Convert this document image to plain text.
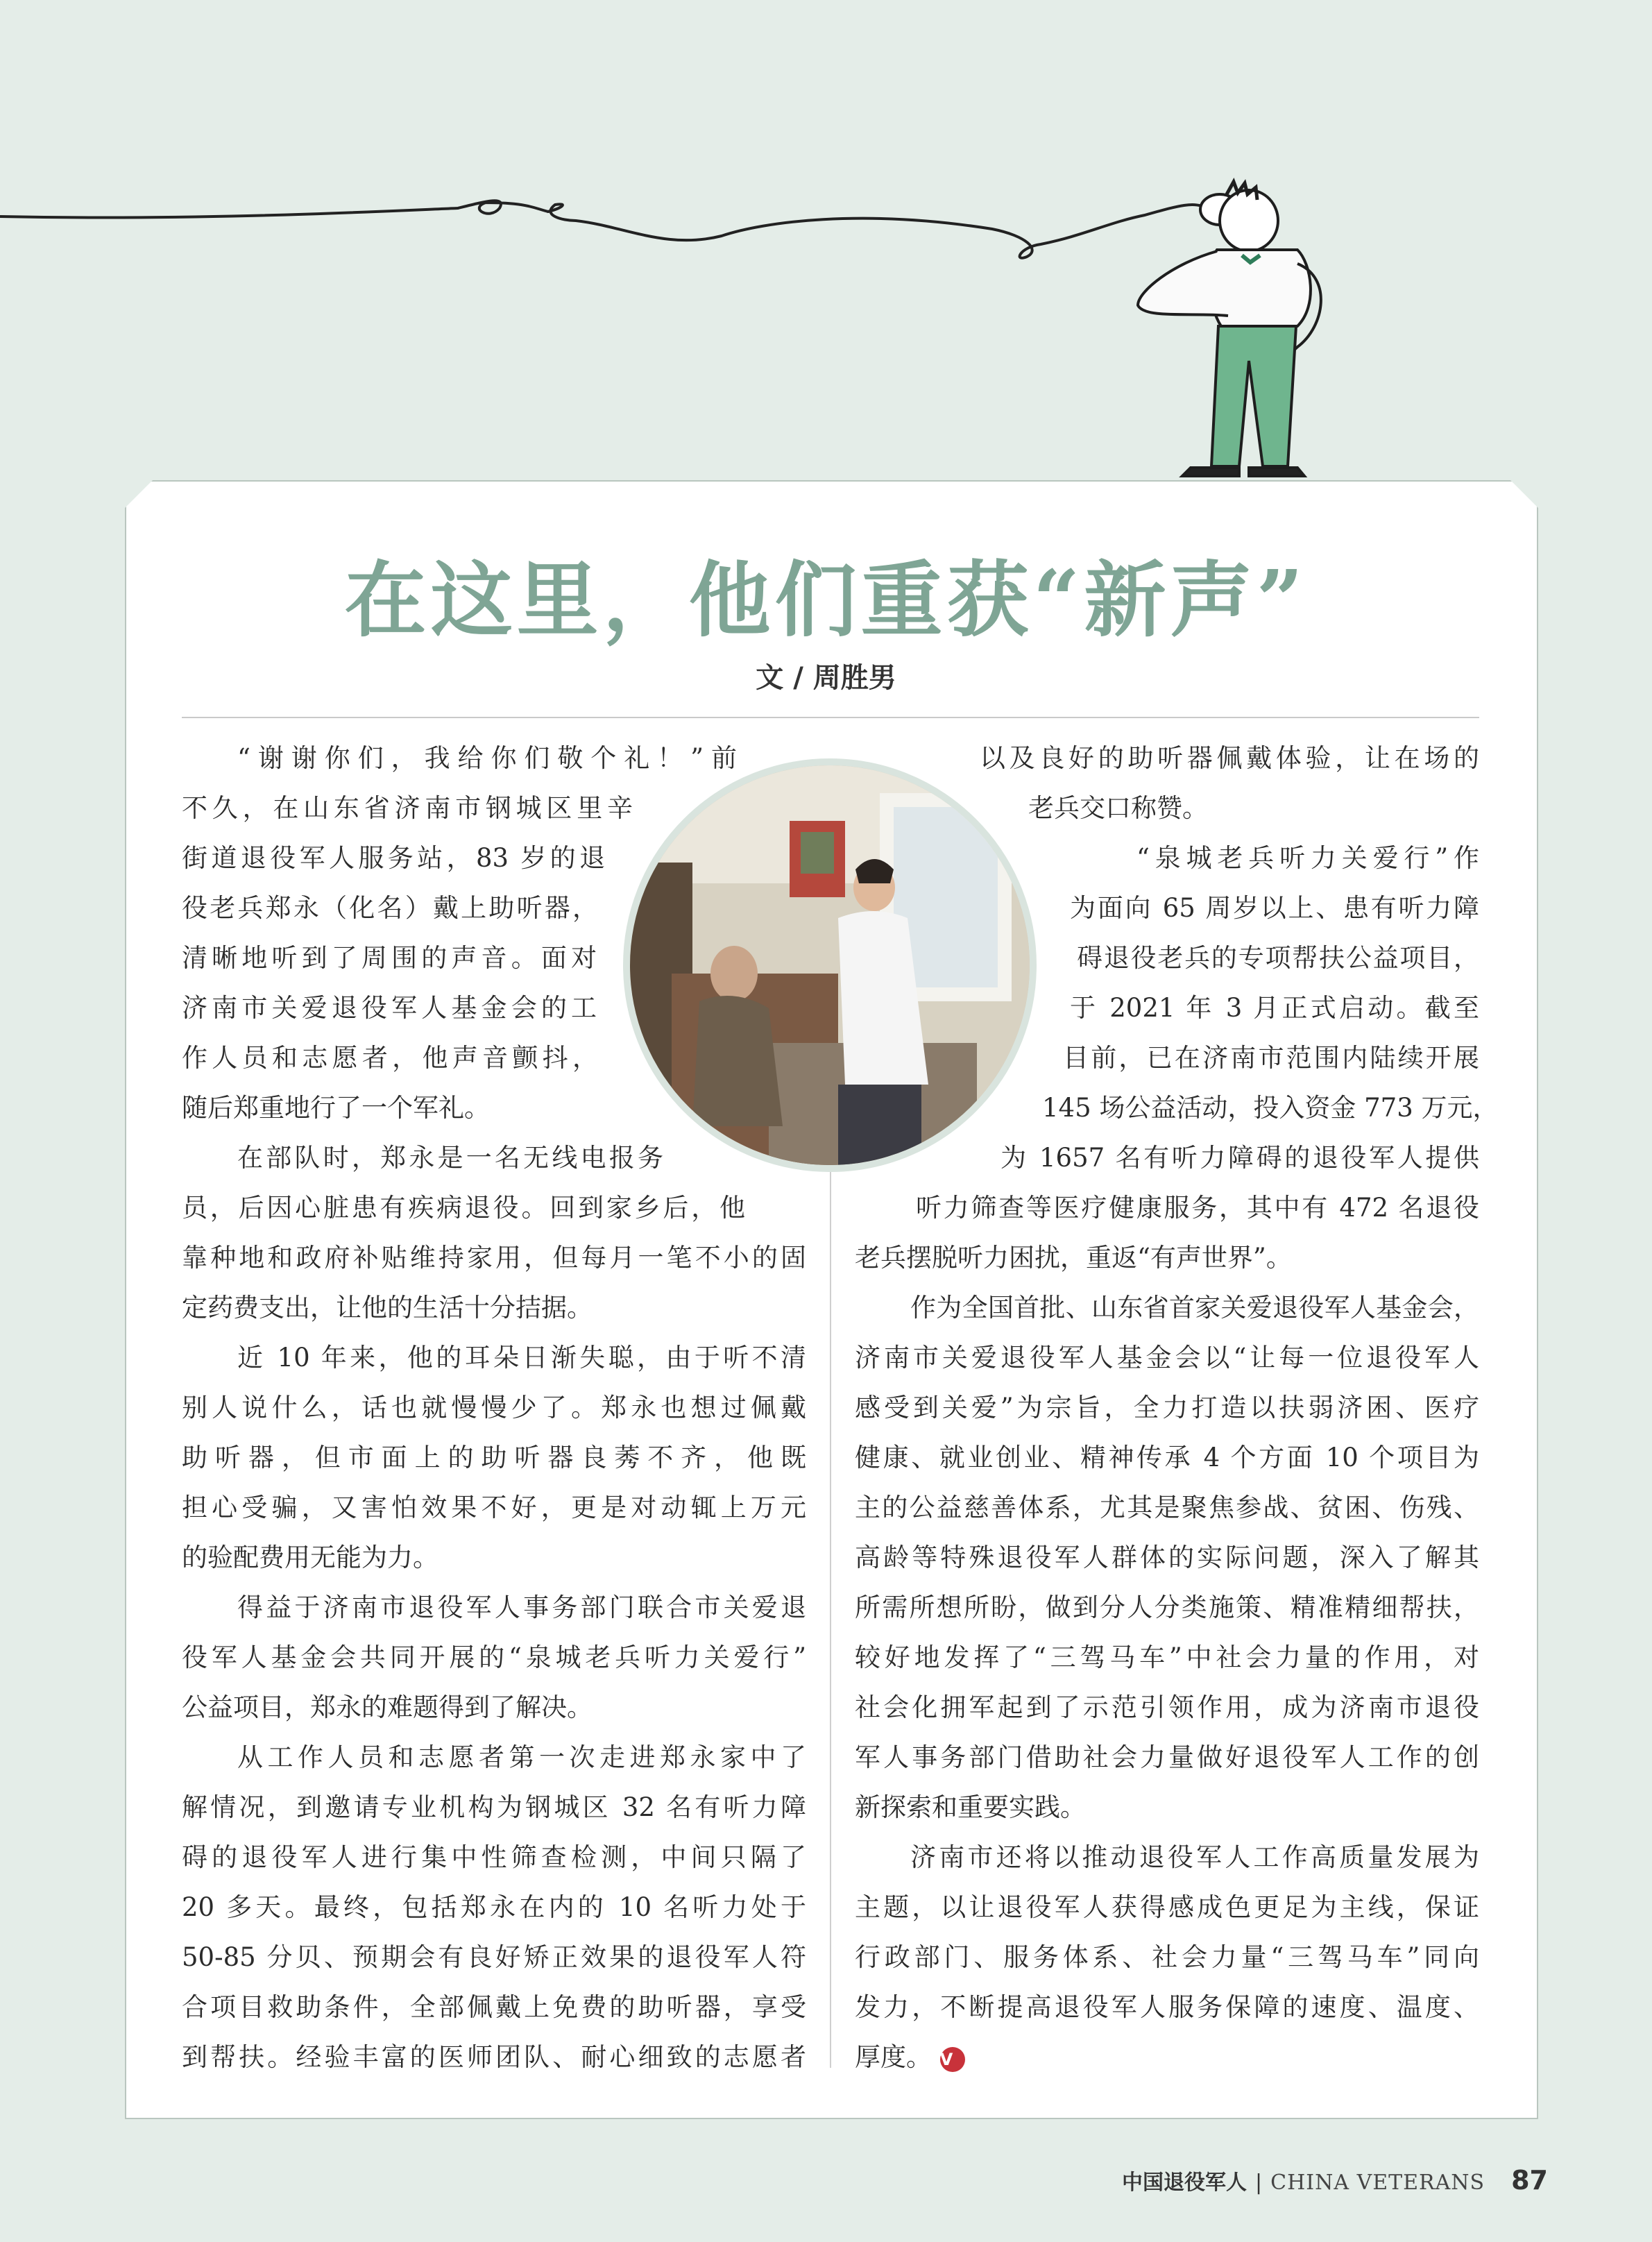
在这里，他们重获“新声”
文 / 周胜男

“谢谢你们，我给你们敬个礼！”前
不久，在山东省济南市钢城区里辛
街道退役军人服务站，83 岁的退
役老兵郑永（化名）戴上助听器，
清晰地听到了周围的声音。面对
济南市关爱退役军人基金会的工
作人员和志愿者，他声音颤抖，
随后郑重地行了一个军礼。

在部队时，郑永是一名无线电报务
员，后因心脏患有疾病退役。回到家乡后，他
靠种地和政府补贴维持家用，但每月一笔不小的固
定药费支出，让他的生活十分拮据。

近 10 年来，他的耳朵日渐失聪，由于听不清
别人说什么，话也就慢慢少了。郑永也想过佩戴
助听器，但市面上的助听器良莠不齐，他既
担心受骗，又害怕效果不好，更是对动辄上万元
的验配费用无能为力。

得益于济南市退役军人事务部门联合市关爱退
役军人基金会共同开展的“泉城老兵听力关爱行”
公益项目，郑永的难题得到了解决。

从工作人员和志愿者第一次走进郑永家中了
解情况，到邀请专业机构为钢城区 32 名有听力障
碍的退役军人进行集中性筛查检测，中间只隔了
20 多天。最终，包括郑永在内的 10 名听力处于
50-85 分贝、预期会有良好矫正效果的退役军人符
合项目救助条件，全部佩戴上免费的助听器，享受
到帮扶。经验丰富的医师团队、耐心细致的志愿者

以及良好的助听器佩戴体验，让在场的
老兵交口称赞。

“泉城老兵听力关爱行”作
为面向 65 周岁以上、患有听力障
碍退役老兵的专项帮扶公益项目，
于 2021 年 3 月正式启动。截至
目前，已在济南市范围内陆续开展
145 场公益活动，投入资金 773 万元，
为 1657 名有听力障碍的退役军人提供
听力筛查等医疗健康服务，其中有 472 名退役
老兵摆脱听力困扰，重返“有声世界”。

作为全国首批、山东省首家关爱退役军人基金会，
济南市关爱退役军人基金会以“让每一位退役军人
感受到关爱”为宗旨，全力打造以扶弱济困、医疗
健康、就业创业、精神传承 4 个方面 10 个项目为
主的公益慈善体系，尤其是聚焦参战、贫困、伤残、
高龄等特殊退役军人群体的实际问题，深入了解其
所需所想所盼，做到分人分类施策、精准精细帮扶，
较好地发挥了“三驾马车”中社会力量的作用，对
社会化拥军起到了示范引领作用，成为济南市退役
军人事务部门借助社会力量做好退役军人工作的创
新探索和重要实践。

济南市还将以推动退役军人工作高质量发展为
主题，以让退役军人获得感成色更足为主线，保证
行政部门、服务体系、社会力量“三驾马车”同向
发力，不断提高退役军人服务保障的速度、温度、
厚度。 V

中国退役军人 | CHINA VETERANS 87
